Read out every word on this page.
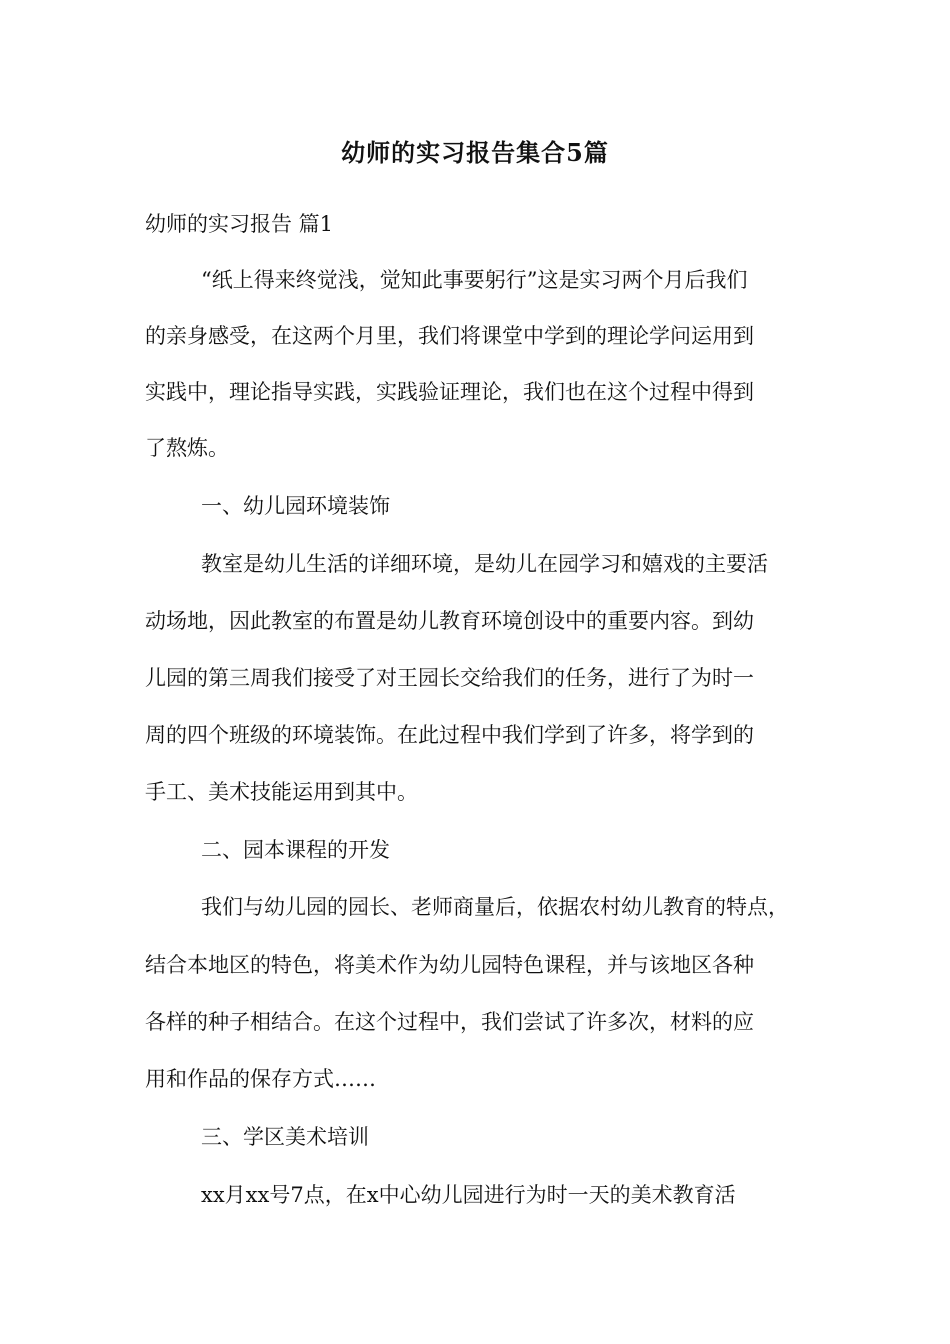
幼师的实习报告集合5篇

幼师的实习报告 篇1

“纸上得来终觉浅，觉知此事要躬行”这是实习两个月后我们

的亲身感受，在这两个月里，我们将课堂中学到的理论学问运用到

实践中，理论指导实践，实践验证理论，我们也在这个过程中得到

了熬炼。

一、幼儿园环境装饰

教室是幼儿生活的详细环境，是幼儿在园学习和嬉戏的主要活

动场地，因此教室的布置是幼儿教育环境创设中的重要内容。到幼

儿园的第三周我们接受了对王园长交给我们的任务，进行了为时一

周的四个班级的环境装饰。在此过程中我们学到了许多，将学到的

手工、美术技能运用到其中。

二、园本课程的开发

我们与幼儿园的园长、老师商量后，依据农村幼儿教育的特点，

结合本地区的特色，将美术作为幼儿园特色课程，并与该地区各种

各样的种子相结合。在这个过程中，我们尝试了许多次，材料的应

用和作品的保存方式……

三、学区美术培训

xx月xx号7点，在x中心幼儿园进行为时一天的美术教育活
